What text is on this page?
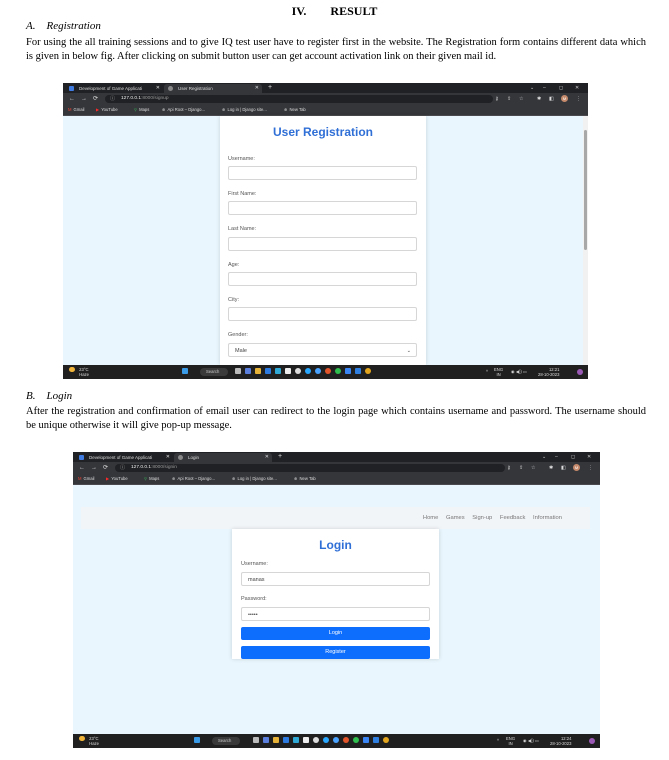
IV.  RESULT
A. Registration
For using the all training sessions and to give IQ test user have to register first in the website. The Registration form contains different data which is given in below fig. After clicking on submit button user can get account activation link on their given mail id.
Development of Game Applicati	✕	User Registration	✕ +	⌄ –	◻ ✕
← → ⟳ ⓘ 127.0.0.1:8000/signup	⚷ ⇪ ☆	✱ ◧	M	⋮
M Gmail	▶ YouTube	⚲ Maps	⊕ Api Root – Django...	⊕ Log in | Django site...	⊕ New Tab
User Registration
Username:
First Name:
Last Name:
Age:
City:
Gender:
Male	⌄
23°C
Haze
Search	^ ENG
IN
◉ ◀)) ▭	12:21
28-10-2023
B. Login
After the registration and confirmation of email user can redirect to the login page which contains username and password. The username should be unique otherwise it will give pop-up message.
Development of Game Applicati	✕	Login	✕ +	⌄ –	◻ ✕
← → ⟳ ⓘ 127.0.0.1:8000/signin	⚷ ⇪ ☆	✱ ◧	M	⋮
M Gmail	▶ YouTube	⚲ Maps	⊕ Api Root – Django...	⊕ Log in | Django site...	⊕ New Tab
Home Games Sign-up Feedback Information
Login
Username:
manas
Password:
•••••
Login
Register
23°C
Haze
Search	^ ENG
IN
◉ ◀)) ▭	12:24
28-10-2023
